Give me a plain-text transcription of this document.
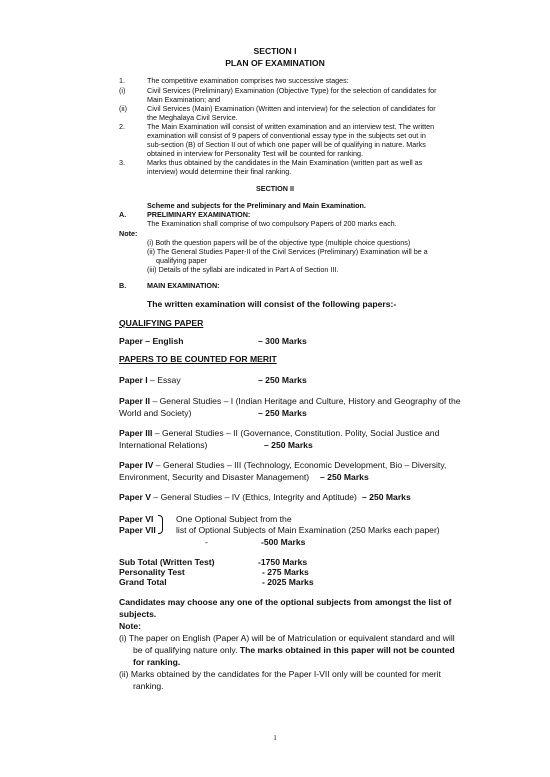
SECTION I
PLAN OF EXAMINATION
1.	The competitive examination comprises two successive stages:
(i)	Civil Services (Preliminary) Examination (Objective Type) for the selection of candidates for
Main Examination; and
(ii)	Civil Services (Main) Examination (Written and interview) for the selection of candidates for
the Meghalaya Civil Service.
2.	The Main Examination will consist of written examination and an interview test. The written
examination will consist of 9 papers of conventional essay type in the subjects set out in
sub-section (B) of Section II out of which one paper will be of qualifying in nature. Marks
obtained in interview for Personality Test will be counted for ranking.
3.	Marks thus obtained by the candidates in the Main Examination (written part as well as
interview) would determine their final ranking.
SECTION II
Scheme and subjects for the Preliminary and Main Examination.
A.	PRELIMINARY EXAMINATION:
The Examination shall comprise of two compulsory Papers of 200 marks each.
Note:
(i) Both the question papers will be of the objective type (multiple choice questions)
(ii) The General Studies Paper-II of the Civil Services (Preliminary) Examination will be a
qualifying paper
(iii) Details of the syllabi are indicated in Part A of Section III.
B.	MAIN EXAMINATION:
The written examination will consist of the following papers:-
QUALIFYING PAPER
Paper – English	– 300 Marks
PAPERS TO BE COUNTED FOR MERIT
Paper I – Essay	– 250 Marks
Paper II – General Studies – I (Indian Heritage and Culture, History and Geography of the
World and Society)	– 250 Marks
Paper III – General Studies – II (Governance, Constitution. Polity, Social Justice and
International Relations)	– 250 Marks
Paper IV – General Studies – III (Technology, Economic Development, Bio – Diversity,
Environment, Security and Disaster Management) – 250 Marks
Paper V – General Studies – IV (Ethics, Integrity and Aptitude) – 250 Marks
Paper VI
Paper VII
One Optional Subject from the
list of Optional Subjects of Main Examination (250 Marks each paper)
-	-500 Marks
Sub Total (Written Test)	-1750 Marks
Personality Test	- 275 Marks
Grand Total	- 2025 Marks
Candidates may choose any one of the optional subjects from amongst the list of
subjects.
Note:
(i) The paper on English (Paper A) will be of Matriculation or equivalent standard and will
be of qualifying nature only. The marks obtained in this paper will not be counted
for ranking.
(ii) Marks obtained by the candidates for the Paper I-VII only will be counted for merit
ranking.
1
